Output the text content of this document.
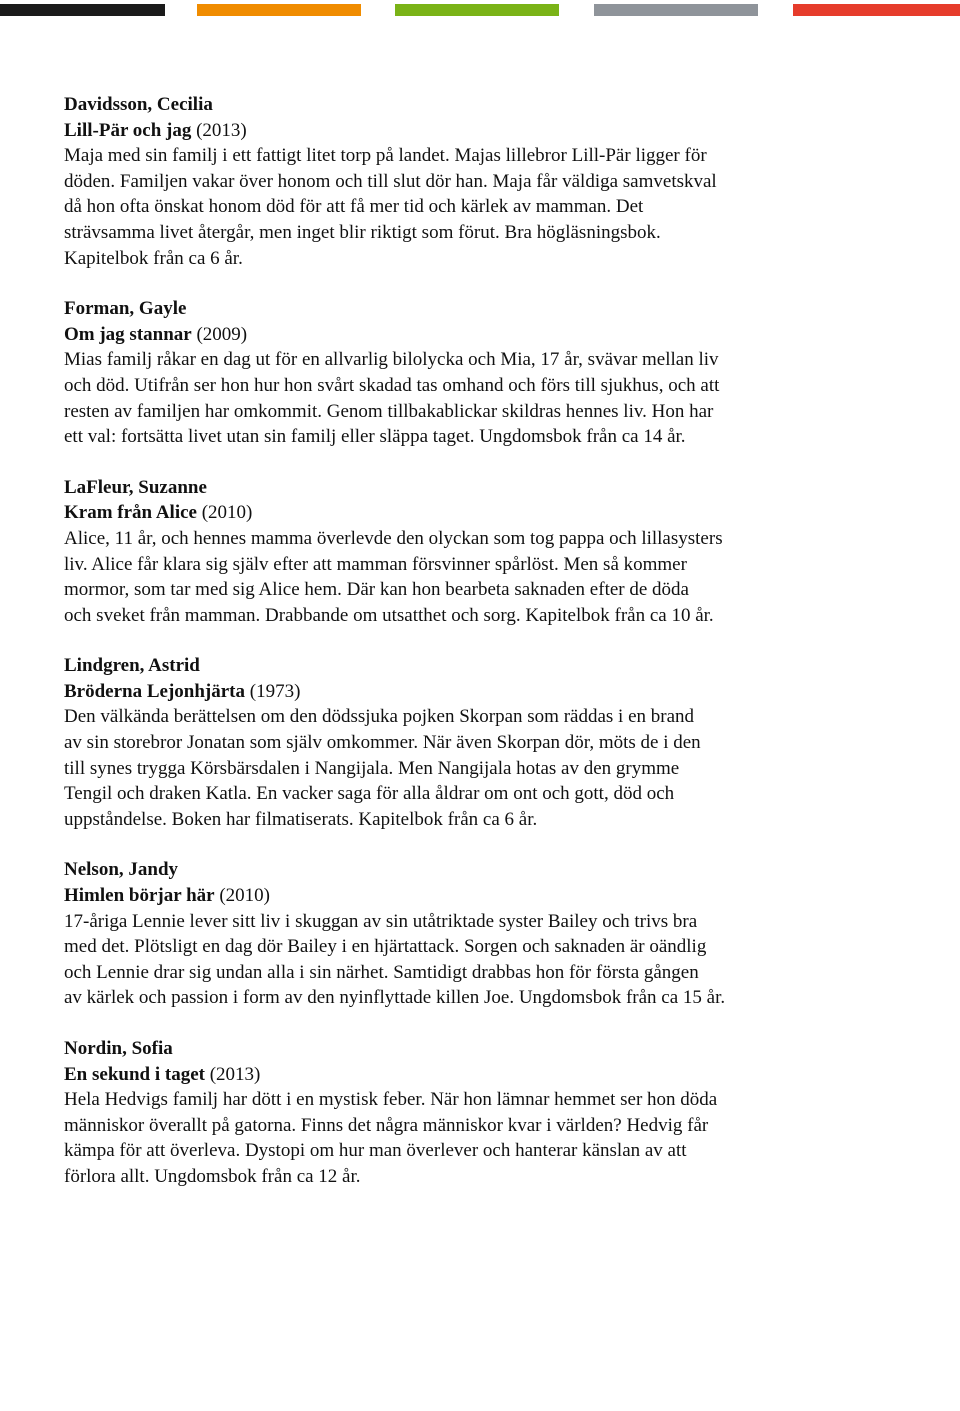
Davidsson, Cecilia
Lill-Pär och jag (2013)
Maja med sin familj i ett fattigt litet torp på landet. Majas lillebror Lill-Pär ligger för
döden. Familjen vakar över honom och till slut dör han. Maja får väldiga samvetskval
då hon ofta önskat honom död för att få mer tid och kärlek av mamman. Det
strävsamma livet återgår, men inget blir riktigt som förut. Bra högläsningsbok.
Kapitelbok från ca 6 år.
Forman, Gayle
Om jag stannar (2009)
Mias familj råkar en dag ut för en allvarlig bilolycka och Mia, 17 år, svävar mellan liv
och död. Utifrån ser hon hur hon svårt skadad tas omhand och förs till sjukhus, och att
resten av familjen har omkommit. Genom tillbakablickar skildras hennes liv. Hon har
ett val: fortsätta livet utan sin familj eller släppa taget. Ungdomsbok från ca 14 år.
LaFleur, Suzanne
Kram från Alice (2010)
Alice, 11 år, och hennes mamma överlevde den olyckan som tog pappa och lillasysters
liv. Alice får klara sig själv efter att mamman försvinner spårlöst. Men så kommer
mormor, som tar med sig Alice hem. Där kan hon bearbeta saknaden efter de döda
och sveket från mamman. Drabbande om utsatthet och sorg. Kapitelbok från ca 10 år.
Lindgren, Astrid
Bröderna Lejonhjärta (1973)
Den välkända berättelsen om den dödssjuka pojken Skorpan som räddas i en brand
av sin storebror Jonatan som själv omkommer. När även Skorpan dör, möts de i den
till synes trygga Körsbärsdalen i Nangijala. Men Nangijala hotas av den grymme
Tengil och draken Katla. En vacker saga för alla åldrar om ont och gott, död och
uppståndelse. Boken har filmatiserats. Kapitelbok från ca 6 år.
Nelson, Jandy
Himlen börjar här (2010)
17-åriga Lennie lever sitt liv i skuggan av sin utåtriktade syster Bailey och trivs bra
med det. Plötsligt en dag dör Bailey i en hjärtattack. Sorgen och saknaden är oändlig
och Lennie drar sig undan alla i sin närhet. Samtidigt drabbas hon för första gången
av kärlek och passion i form av den nyinflyttade killen Joe. Ungdomsbok från ca 15 år.
Nordin, Sofia
En sekund i taget (2013)
Hela Hedvigs familj har dött i en mystisk feber. När hon lämnar hemmet ser hon döda
människor överallt på gatorna. Finns det några människor kvar i världen? Hedvig får
kämpa för att överleva. Dystopi om hur man överlever och hanterar känslan av att
förlora allt. Ungdomsbok från ca 12 år.
